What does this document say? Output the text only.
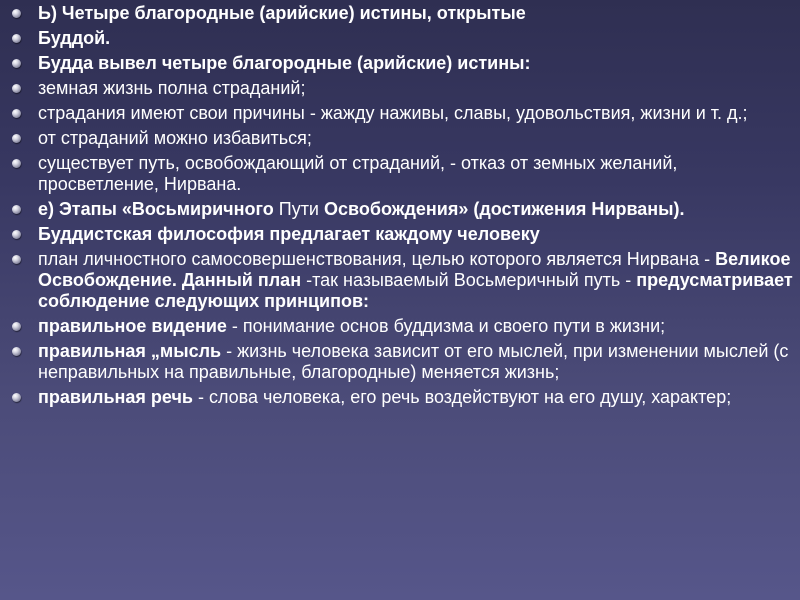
Ь) Четыре благородные (арийские) истины, открытые
Буддой.
Будда вывел четыре благородные (арийские) истины:
земная жизнь полна страданий;
страдания имеют свои причины - жажду наживы, славы, удовольствия, жизни и т. д.;
от страданий можно избавиться;
существует путь, освобождающий от страданий, - отказ от земных желаний, просветление, Нирвана.
е) Этапы «Восьмиричного Пути Освобождения» (достижения Нирваны).
Буддистская философия предлагает каждому человеку
план личностного самосовершенствования, целью которого является Нирвана - Великое Освобождение. Данный план -так называемый Восьмеричный путь - предусматривает соблюдение следующих принципов:
правильное видение - понимание основ буддизма и своего пути в жизни;
правильная „мысль - жизнь человека зависит от его мыслей, при изменении мыслей (с неправильных на правильные, благородные) меняется жизнь;
правильная речь - слова человека, его речь воздействуют на его душу, характер;
